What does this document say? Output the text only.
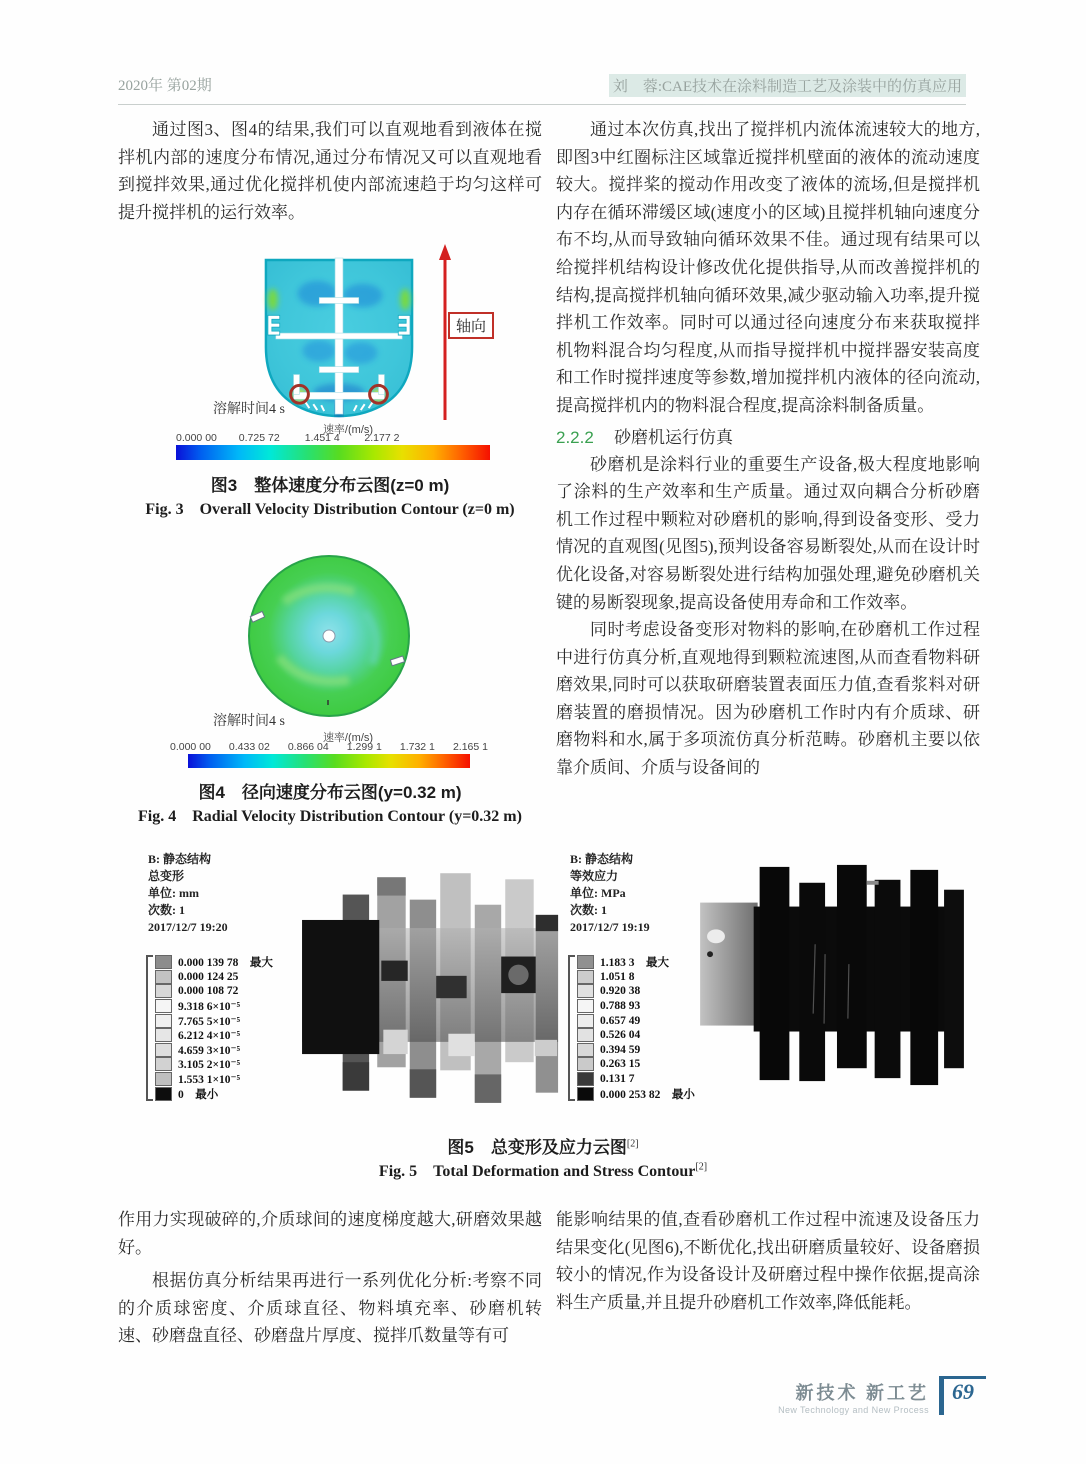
2020年 第02期	刘　蓉:CAE技术在涂料制造工艺及涂装中的仿真应用

通过图3、图4的结果,我们可以直观地看到液体在搅拌机内部的速度分布情况,通过分布情况又可以直观地看到搅拌效果,通过优化搅拌机使内部流速趋于均匀这样可提升搅拌机的运行效率。

通过本次仿真,找出了搅拌机内流体流速较大的地方,即图3中红圈标注区域靠近搅拌机壁面的液体的流动速度较大。搅拌桨的搅动作用改变了液体的流场,但是搅拌机内存在循环滞缓区域(速度小的区域)且搅拌机轴向速度分布不均,从而导致轴向循环效果不佳。通过现有结果可以给搅拌机结构设计修改优化提供指导,从而改善搅拌机的结构,提高搅拌机轴向循环效果,减少驱动输入功率,提升搅拌机工作效率。同时可以通过径向速度分布来获取搅拌机物料混合均匀程度,从而指导搅拌机中搅拌器安装高度和工作时搅拌速度等参数,增加搅拌机内液体的径向流动,提高搅拌机内的物料混合程度,提高涂料制备质量。

2.2.2 砂磨机运行仿真

砂磨机是涂料行业的重要生产设备,极大程度地影响了涂料的生产效率和生产质量。通过双向耦合分析砂磨机工作过程中颗粒对砂磨机的影响,得到设备变形、受力情况的直观图(见图5),预判设备容易断裂处,从而在设计时优化设备,对容易断裂处进行结构加强处理,避免砂磨机关键的易断裂现象,提高设备使用寿命和工作效率。

同时考虑设备变形对物料的影响,在砂磨机工作过程中进行仿真分析,直观地得到颗粒流速图,从而查看物料研磨效果,同时可以获取研磨装置表面压力值,查看浆料对研磨装置的磨损情况。因为砂磨机工作时内有介质球、研磨物料和水,属于多项流仿真分析范畴。砂磨机主要以依靠介质间、介质与设备间的

轴向
溶解时间4 s
速率/(m/s)
0.000 00 0.725 72 1.451 4 2.177 2
图3　整体速度分布云图(z=0 m)
Fig. 3　Overall Velocity Distribution Contour (z=0 m)
溶解时间4 s
速率/(m/s)
0.000 00 0.433 02 0.866 04 1.299 1 1.732 1 2.165 1
图4　径向速度分布云图(y=0.32 m)
Fig. 4　Radial Velocity Distribution Contour (y=0.32 m)
B: 静态结构
总变形
单位: mm
次数: 1
2017/12/7 19:20
0.000 139 78　最大
0.000 124 25
0.000 108 72
9.318 6×10⁻⁵
7.765 5×10⁻⁵
6.212 4×10⁻⁵
4.659 3×10⁻⁵
3.105 2×10⁻⁵
1.553 1×10⁻⁵
0　最小
B: 静态结构
等效应力
单位: MPa
次数: 1
2017/12/7 19:19
1.183 3　最大
1.051 8
0.920 38
0.788 93
0.657 49
0.526 04
0.394 59
0.263 15
0.131 7
0.000 253 82　最小
图5　总变形及应力云图[2]
Fig. 5　Total Deformation and Stress Contour[2]

作用力实现破碎的,介质球间的速度梯度越大,研磨效果越好。

根据仿真分析结果再进行一系列优化分析:考察不同的介质球密度、介质球直径、物料填充率、砂磨机转速、砂磨盘直径、砂磨盘片厚度、搅拌爪数量等有可

能影响结果的值,查看砂磨机工作过程中流速及设备压力结果变化(见图6),不断优化,找出研磨质量较好、设备磨损较小的情况,作为设备设计及研磨过程中操作依据,提高涂料生产质量,并且提升砂磨机工作效率,降低能耗。

新技术 新工艺
New Technology and New Process
69
